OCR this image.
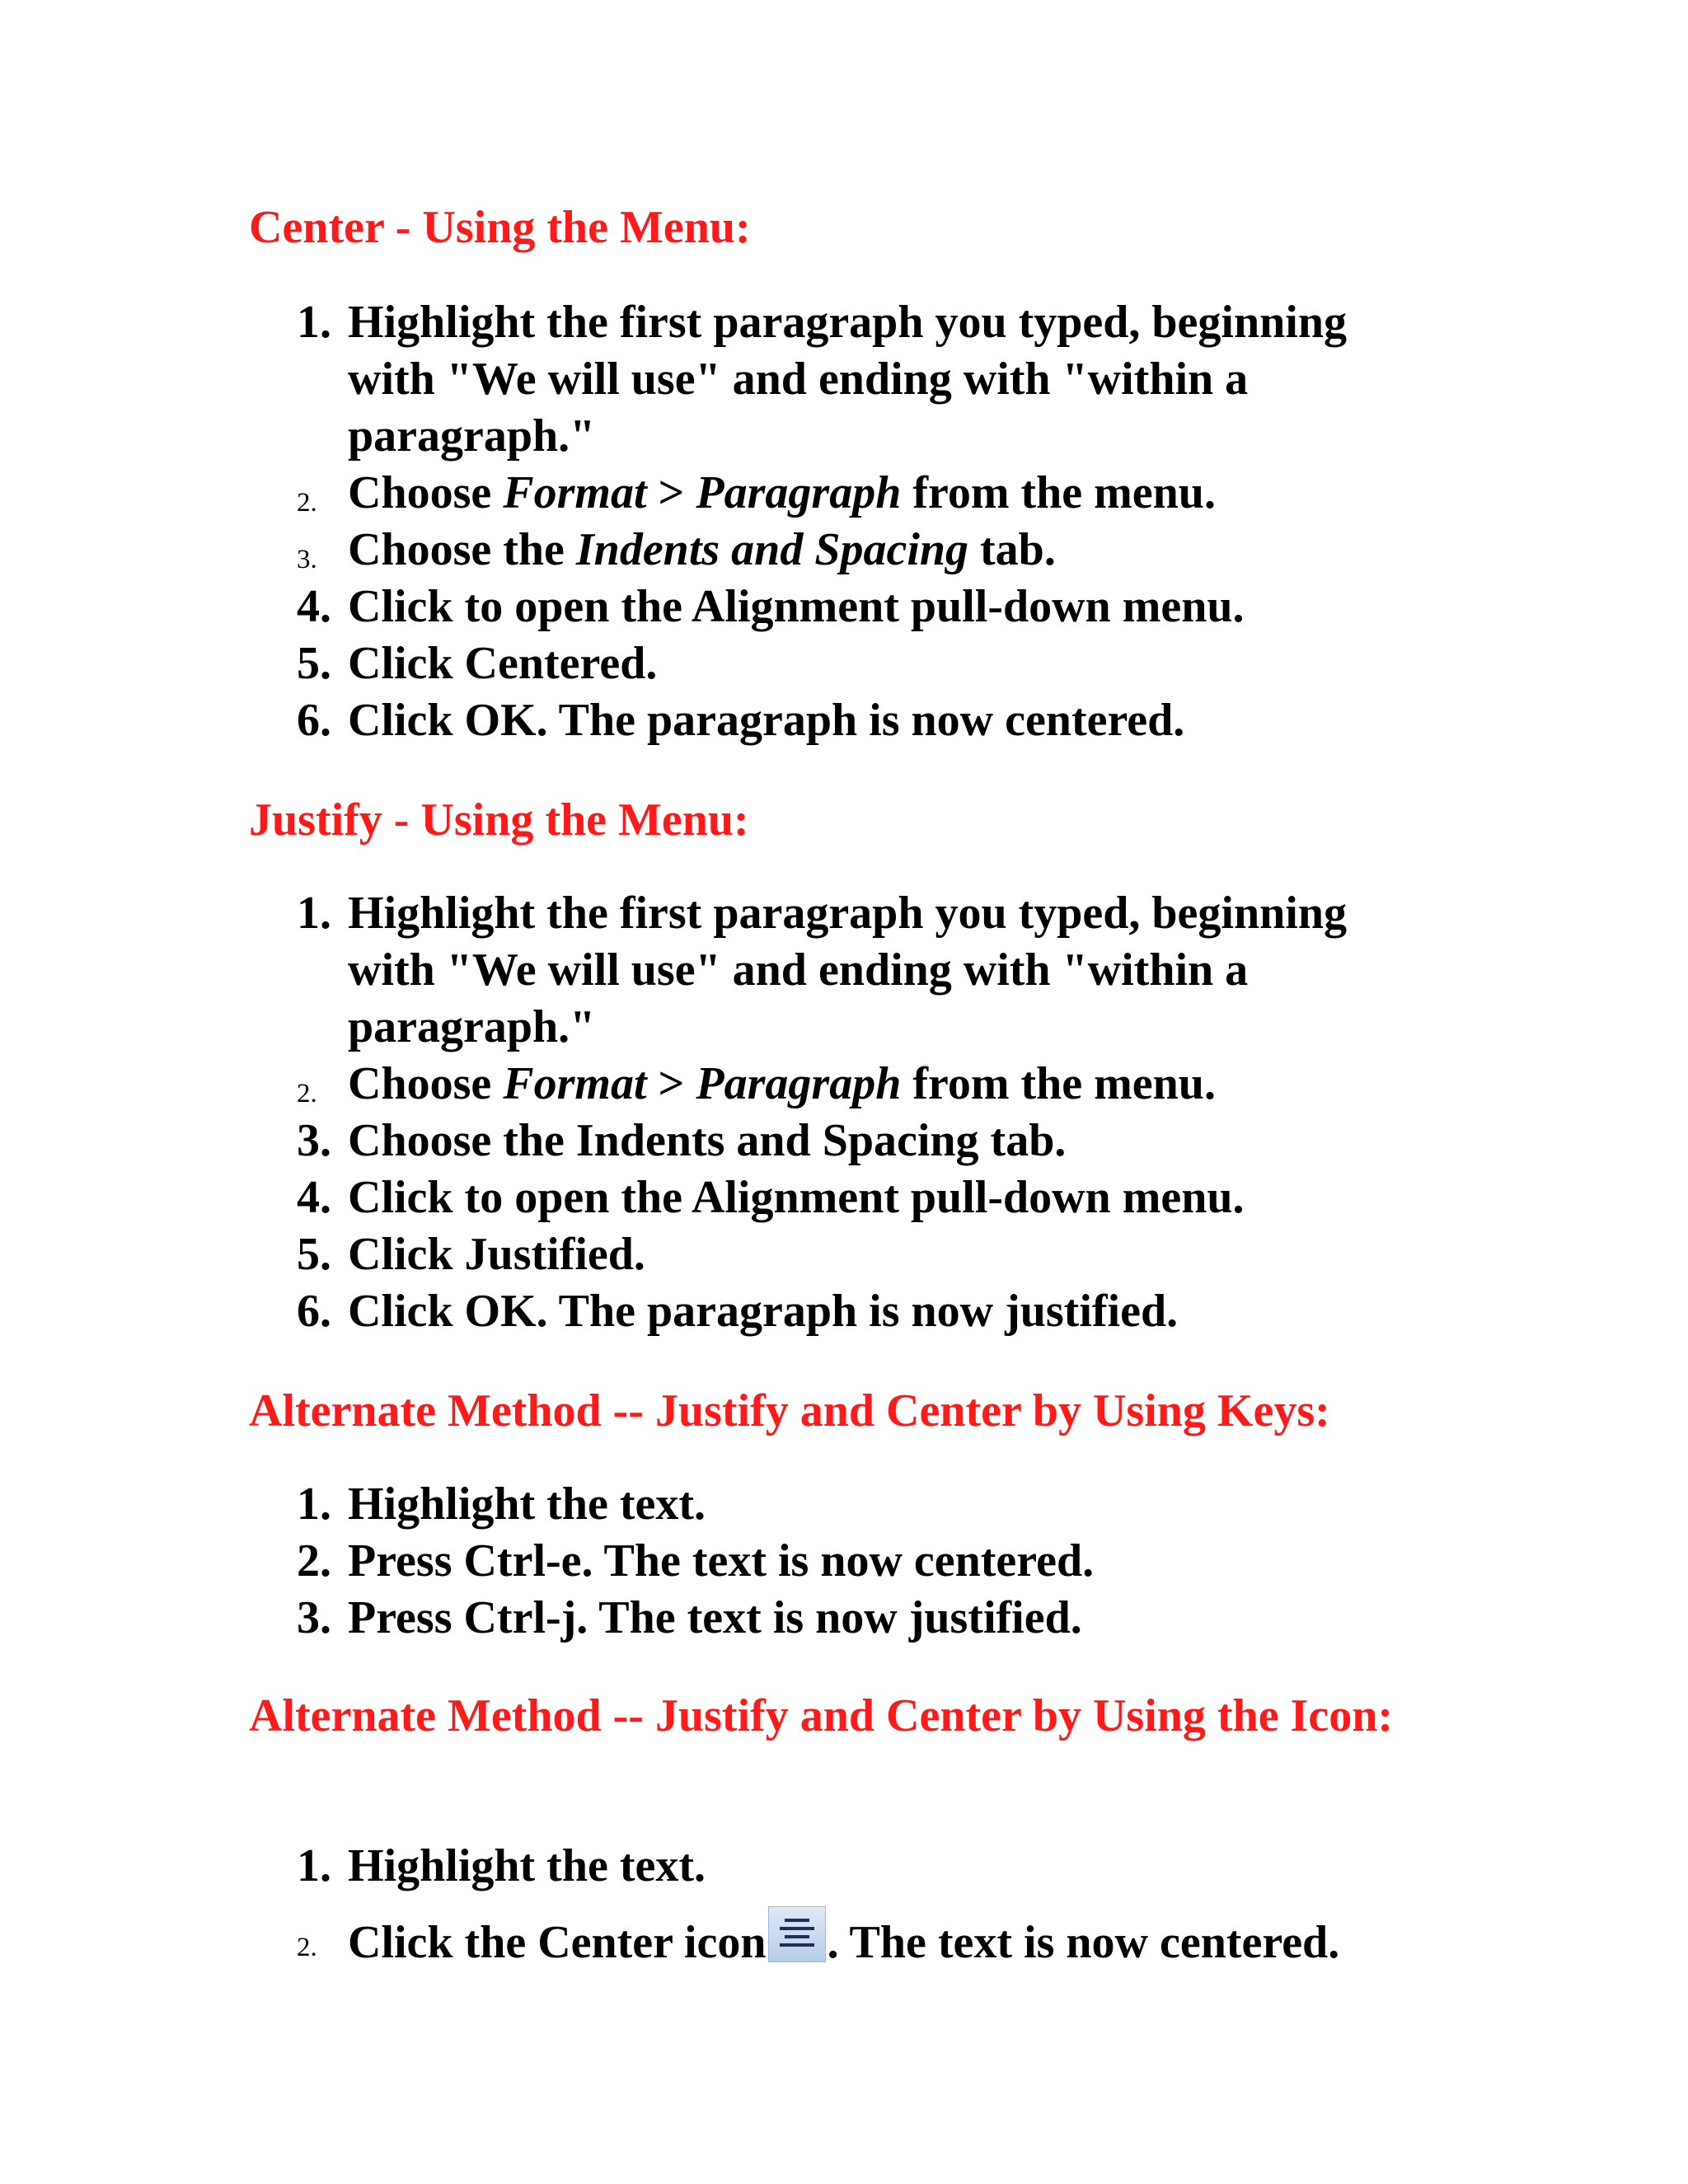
Center - Using the Menu:
1. Highlight the first paragraph you typed, beginning with "We will use" and ending with "within a paragraph."
2. Choose Format > Paragraph from the menu.
3. Choose the Indents and Spacing tab.
4. Click to open the Alignment pull-down menu.
5. Click Centered.
6. Click OK. The paragraph is now centered.
Justify - Using the Menu:
1. Highlight the first paragraph you typed, beginning with "We will use" and ending with "within a paragraph."
2. Choose Format > Paragraph from the menu.
3. Choose the Indents and Spacing tab.
4. Click to open the Alignment pull-down menu.
5. Click Justified.
6. Click OK. The paragraph is now justified.
Alternate Method -- Justify and Center by Using Keys:
1. Highlight the text.
2. Press Ctrl-e. The text is now centered.
3. Press Ctrl-j. The text is now justified.
Alternate Method -- Justify and Center by Using the Icon:
1. Highlight the text.
2. Click the Center icon . The text is now centered.
